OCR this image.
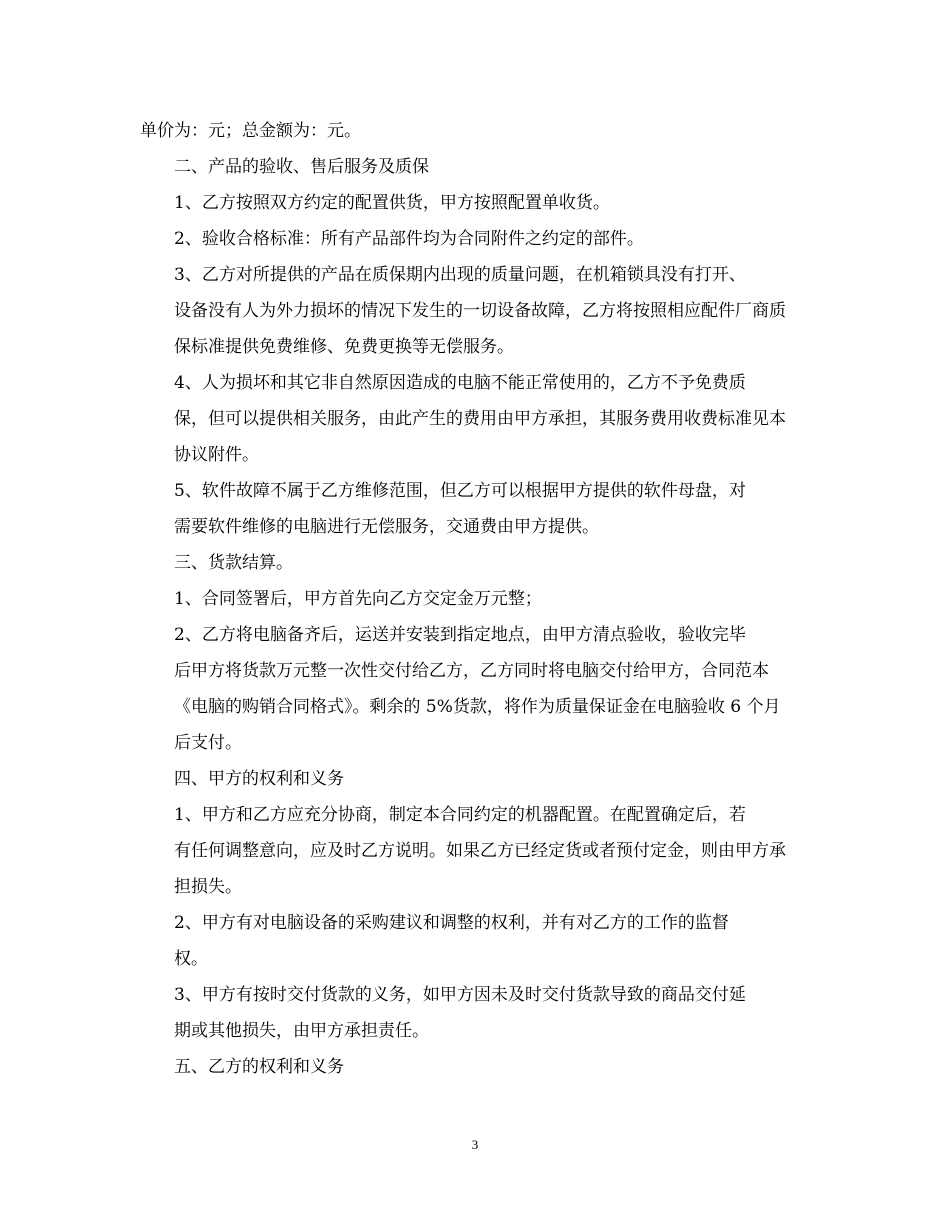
单价为：元；总金额为：元。

二、产品的验收、售后服务及质保

1、乙方按照双方约定的配置供货，甲方按照配置单收货。

2、验收合格标准：所有产品部件均为合同附件之约定的部件。

3、乙方对所提供的产品在质保期内出现的质量问题，在机箱锁具没有打开、
设备没有人为外力损坏的情况下发生的一切设备故障，乙方将按照相应配件厂商质
保标准提供免费维修、免费更换等无偿服务。

4、人为损坏和其它非自然原因造成的电脑不能正常使用的，乙方不予免费质
保，但可以提供相关服务，由此产生的费用由甲方承担，其服务费用收费标准见本
协议附件。

5、软件故障不属于乙方维修范围，但乙方可以根据甲方提供的软件母盘，对
需要软件维修的电脑进行无偿服务，交通费由甲方提供。

三、货款结算。

1、合同签署后，甲方首先向乙方交定金万元整；

2、乙方将电脑备齐后，运送并安装到指定地点，由甲方清点验收，验收完毕
后甲方将货款万元整一次性交付给乙方，乙方同时将电脑交付给甲方，合同范本
《电脑的购销合同格式》。剩余的 5%货款，将作为质量保证金在电脑验收 6 个月
后支付。

四、甲方的权利和义务

1、甲方和乙方应充分协商，制定本合同约定的机器配置。在配置确定后，若
有任何调整意向，应及时乙方说明。如果乙方已经定货或者预付定金，则由甲方承
担损失。

2、甲方有对电脑设备的采购建议和调整的权利，并有对乙方的工作的监督
权。

3、甲方有按时交付货款的义务，如甲方因未及时交付货款导致的商品交付延
期或其他损失，由甲方承担责任。

五、乙方的权利和义务

3
